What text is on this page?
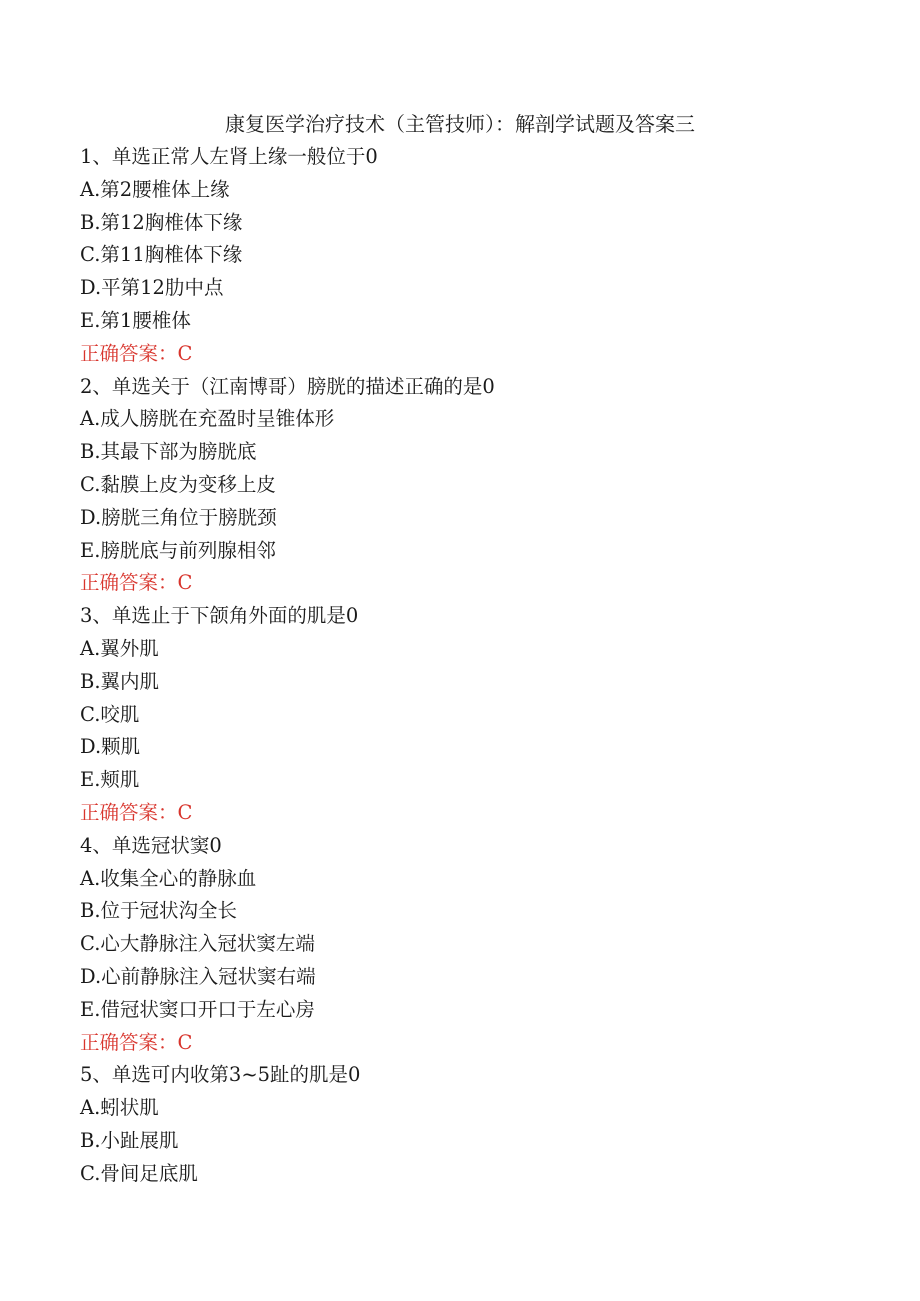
康复医学治疗技术（主管技师）：解剖学试题及答案三
1、单选正常人左肾上缘一般位于0
A.第2腰椎体上缘
B.第12胸椎体下缘
C.第11胸椎体下缘
D.平第12肋中点
E.第1腰椎体
正确答案：C
2、单选关于（江南博哥）膀胱的描述正确的是0
A.成人膀胱在充盈时呈锥体形
B.其最下部为膀胱底
C.黏膜上皮为变移上皮
D.膀胱三角位于膀胱颈
E.膀胱底与前列腺相邻
正确答案：C
3、单选止于下颌角外面的肌是0
A.翼外肌
B.翼内肌
C.咬肌
D.颗肌
E.颊肌
正确答案：C
4、单选冠状窦0
A.收集全心的静脉血
B.位于冠状沟全长
C.心大静脉注入冠状窦左端
D.心前静脉注入冠状窦右端
E.借冠状窦口开口于左心房
正确答案：C
5、单选可内收第3~5趾的肌是0
A.蚓状肌
B.小趾展肌
C.骨间足底肌
